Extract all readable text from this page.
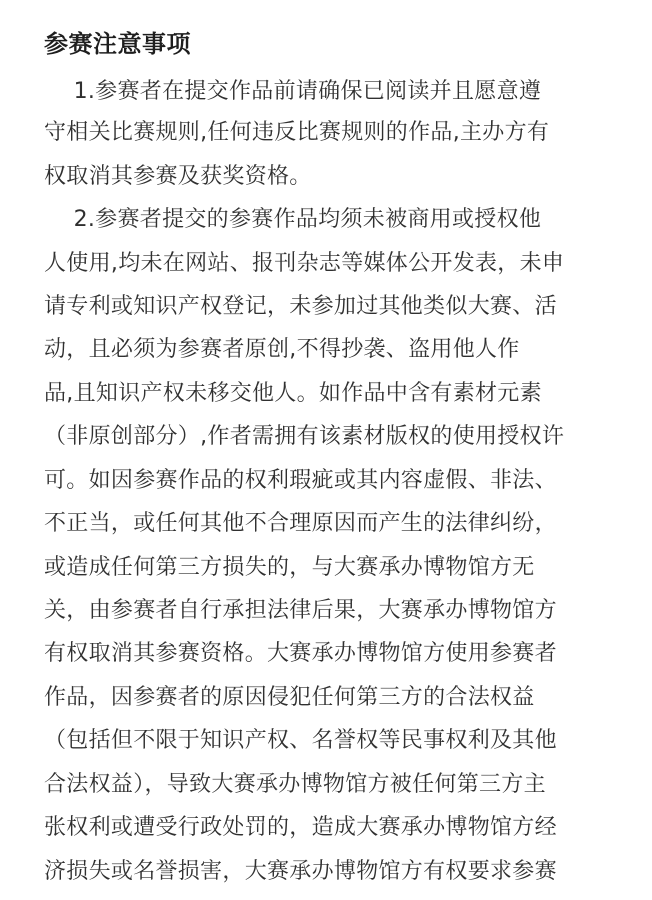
参赛注意事项
　 1.参赛者在提交作品前请确保已阅读并且愿意遵
守相关比赛规则,任何违反比赛规则的作品,主办方有
权取消其参赛及获奖资格。
　 2.参赛者提交的参赛作品均须未被商用或授权他
人使用,均未在网站、报刊杂志等媒体公开发表，未申
请专利或知识产权登记，未参加过其他类似大赛、活
动，且必须为参赛者原创,不得抄袭、盗用他人作
品,且知识产权未移交他人。如作品中含有素材元素
（非原创部分）,作者需拥有该素材版权的使用授权许
可。如因参赛作品的权利瑕疵或其内容虚假、非法、
不正当，或任何其他不合理原因而产生的法律纠纷，
或造成任何第三方损失的，与大赛承办博物馆方无
关，由参赛者自行承担法律后果，大赛承办博物馆方
有权取消其参赛资格。大赛承办博物馆方使用参赛者
作品，因参赛者的原因侵犯任何第三方的合法权益
（包括但不限于知识产权、名誉权等民事权利及其他
合法权益），导致大赛承办博物馆方被任何第三方主
张权利或遭受行政处罚的，造成大赛承办博物馆方经
济损失或名誉损害，大赛承办博物馆方有权要求参赛
